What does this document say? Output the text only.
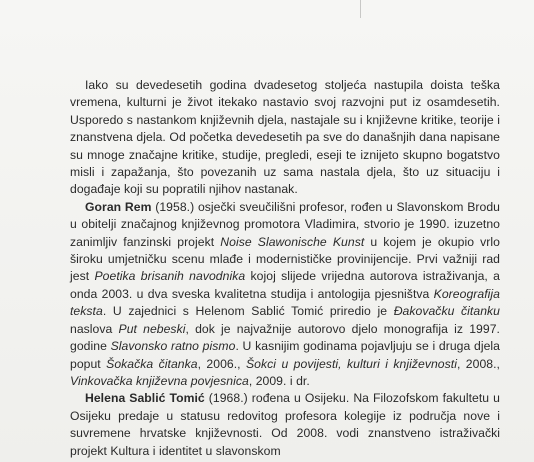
Iako su devedesetih godina dvadesetog stoljeća nastupila doista teška vremena, kulturni je život itekako nastavio svoj razvojni put iz osamdesetih. Usporedo s nastankom književnih djela, nastajale su i književne kritike, teorije i znanstvena djela. Od početka devedesetih pa sve do današnjih dana napisane su mnoge značajne kritike, studije, pregledi, eseji te iznijeto skupno bogatstvo misli i zapažanja, što povezanih uz sama nastala djela, što uz situaciju i događaje koji su popratili njihov nastanak.

Goran Rem (1958.) osječki sveučilišni profesor, rođen u Slavonskom Brodu u obitelji značajnog književnog promotora Vladimira, stvorio je 1990. izuzetno zanimljiv fanzinski projekt Noise Slawonische Kunst u kojem je okupio vrlo široku umjetničku scenu mlađe i modernističke provinijencije. Prvi važniji rad jest Poetika brisanih navodnika kojoj slijede vrijedna autorova istraživanja, a onda 2003. u dva sveska kvalitetna studija i antologija pjesništva Koreografija teksta. U zajednici s Helenom Sablić Tomić priredio je Đakovačku čitanku naslova Put nebeski, dok je najvažnije autorovo djelo monografija iz 1997. godine Slavonsko ratno pismo. U kasnijim godinama pojavljuju se i druga djela poput Šokačka čitanka, 2006., Šokci u povijesti, kulturi i književnosti, 2008., Vinkovačka književna povjesnica, 2009. i dr.

Helena Sablić Tomić (1968.) rođena u Osijeku. Na Filozofskom fakultetu u Osijeku predaje u statusu redovitog profesora kolegije iz područja nove i suvremene hrvatske književnosti. Od 2008. vodi znanstveno istraživački projekt Kultura i identitet u slavonskom
